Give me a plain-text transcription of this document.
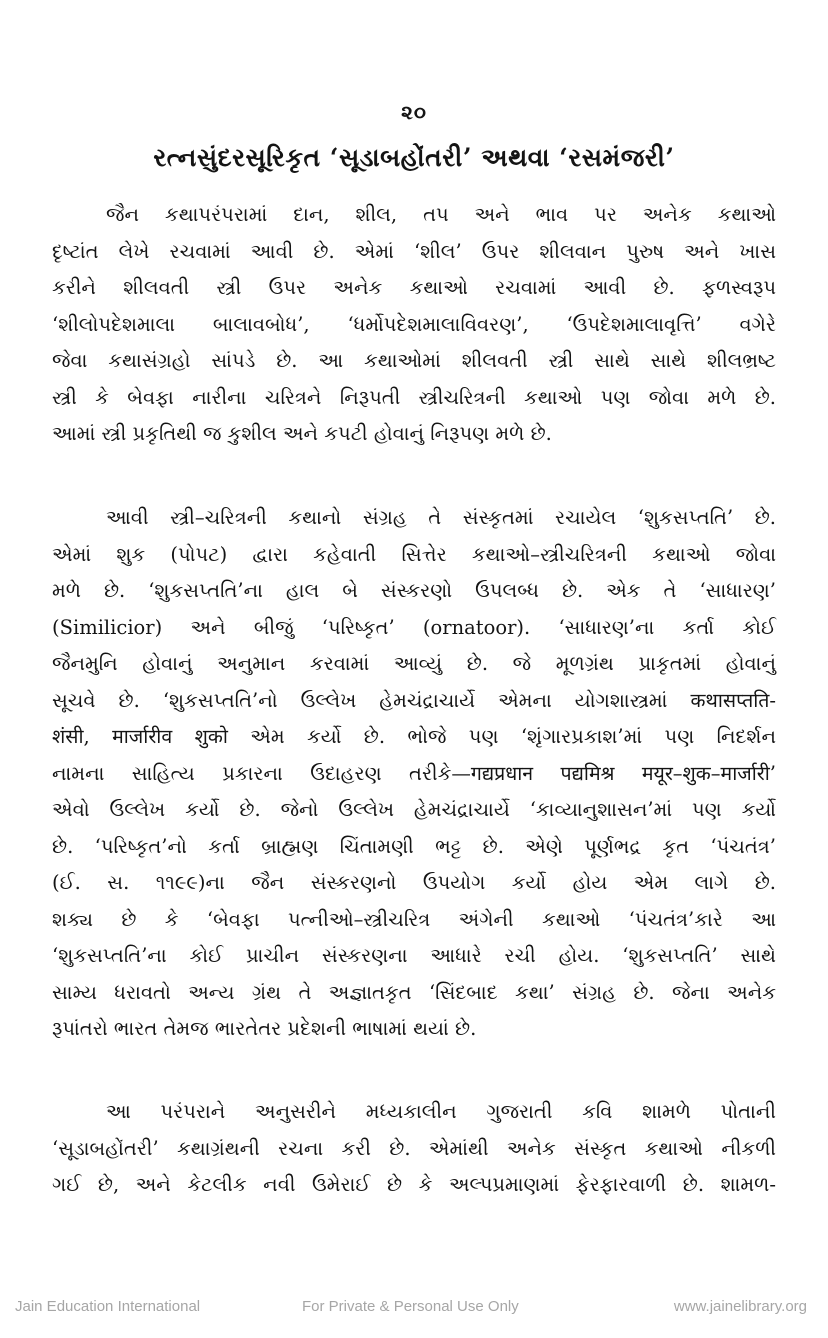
૨૦
રત્નસુંદરસૂરિકૃત ‘સૂડાબહોંતરી’ અથવા ‘રસમંજરી’
જૈન કથાપરંપરામાં દાન, શીલ, તપ અને ભાવ પર અનેક કથાઓ
દૃષ્ટાંત લેખે રચવામાં આવી છે. એમાં ‘શીલ’ ઉપર શીલવાન પુરુષ અને ખાસ
કરીને શીલવતી સ્ત્રી ઉપર અનેક કથાઓ રચવામાં આવી છે. ફળસ્વરૂપ
‘શીલોપદેશમાલા બાલાવબોધ’, ‘ધર્મોપદેશમાલાવિવરણ’, ‘ઉપદેશમાલાવૃત્તિ’ વગેરે
જેવા કથાસંગ્રહો સાંપડે છે. આ કથાઓમાં શીલવતી સ્ત્રી સાથે સાથે શીલભ્રષ્ટ
સ્ત્રી કે બેવફા નારીના ચરિત્રને નિરૂપતી સ્ત્રીચરિત્રની કથાઓ પણ જોવા મળે છે.
આમાં સ્ત્રી પ્રકૃતિથી જ કુશીલ અને કપટી હોવાનું નિરૂપણ મળે છે.
આવી સ્ત્રી–ચરિત્રની કથાનો સંગ્રહ તે સંસ્કૃતમાં રચાયેલ ‘શુકસપ્તતિ’ છે.
એમાં શુક (પોપટ) દ્વારા કહેવાતી સિત્તેર કથાઓ–સ્ત્રીચરિત્રની કથાઓ જોવા
મળે છે. ‘શુકસપ્તતિ’ના હાલ બે સંસ્કરણો ઉપલબ્ધ છે. એક તે ‘સાધારણ’
(Similicior) અને બીજું ‘પરિષ્કૃત’ (ornatoor). ‘સાધારણ’ના કર્તા કોઈ
જૈનમુનિ હોવાનું અનુમાન કરવામાં આવ્યું છે. જે મૂળગ્રંથ પ્રાકૃતમાં હોવાનું
સૂચવે છે. ‘શુકસપ્તતિ’નો ઉલ્લેખ હેમચંદ્રાચાર્યે એમના યોગશાસ્ત્રમાં कथासप्तति-
शंसी, मार्जारीव शुको એમ કર્યો છે. ભોજે પણ ‘શૃંગારપ્રકાશ’માં પણ નિદર્શન
નામના સાહિત્ય પ્રકારના ઉદાહરણ તરીકે—गद्यप्रधान पद्यमिश्र मयूर–शुक–मार्जारी’
એવો ઉલ્લેખ કર્યો છે. જેનો ઉલ્લેખ હેમચંદ્રાચાર્યે ‘કાવ્યાનુશાસન’માં પણ કર્યો
છે. ‘પરિષ્કૃત’નો કર્તા બ્રાહ્મણ ચિંતામણી ભટ્ટ છે. એણે પૂર્ણભદ્ર કૃત ‘પંચતંત્ર’
(ઈ. સ. ૧૧૯૯)ના જૈન સંસ્કરણનો ઉપયોગ કર્યો હોય એમ લાગે છે.
શક્ય છે કે ‘બેવફા પત્નીઓ–સ્ત્રીચરિત્ર અંગેની કથાઓ ‘પંચતંત્ર’કારે આ
‘શુકસપ્તતિ’ના કોઈ પ્રાચીન સંસ્કરણના આધારે રચી હોય. ‘શુકસપ્તતિ’ સાથે
સામ્ય ધરાવતો અન્ય ગ્રંથ તે અજ્ઞાતકૃત ‘સિંદબાદ કથા’ સંગ્રહ છે. જેના અનેક
રૂપાંતરો ભારત તેમજ ભારતેતર પ્રદેશની ભાષામાં થયાં છે.
આ પરંપરાને અનુસરીને મધ્યકાલીન ગુજરાતી કવિ શામળે પોતાની
‘સૂડાબહોંતરી’ કથાગ્રંથની રચના કરી છે. એમાંથી અનેક સંસ્કૃત કથાઓ નીકળી
ગઈ છે, અને કેટલીક નવી ઉમેરાઈ છે કે અલ્પપ્રમાણમાં ફેરફારવાળી છે. શામળ-
Jain Education International	For Private & Personal Use Only	www.jainelibrary.org
